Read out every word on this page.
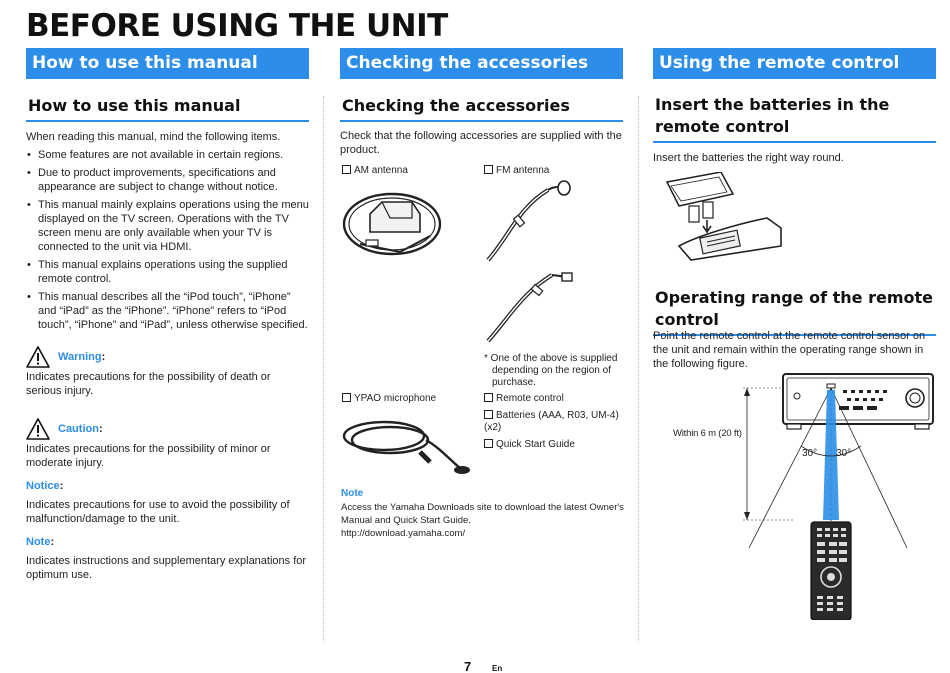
BEFORE USING THE UNIT
How to use this manual
How to use this manual
When reading this manual, mind the following items.
• Some features are not available in certain regions.
• Due to product improvements, specifications and appearance are subject to change without notice.
• This manual mainly explains operations using the menu displayed on the TV screen. Operations with the TV screen menu are only available when your TV is connected to the unit via HDMI.
• This manual explains operations using the supplied remote control.
• This manual describes all the “iPod touch”, “iPhone” and “iPad” as the “iPhone”. “iPhone” refers to “iPod touch”, “iPhone” and “iPad”, unless otherwise specified.
Warning :
Indicates precautions for the possibility of death or serious injury.
Caution :
Indicates precautions for the possibility of minor or moderate injury.
Notice:
Indicates precautions for use to avoid the possibility of malfunction/damage to the unit.
Note:
Indicates instructions and supplementary explanations for optimum use.
Checking the accessories
Checking the accessories
Check that the following accessories are supplied with the product.
AM antenna	FM antenna
* One of the above is supplied depending on the region of purchase.
YPAO microphone	Remote control
Batteries (AAA, R03, UM-4) (x2)
Quick Start Guide
Note
Access the Yamaha Downloads site to download the latest Owner's Manual and Quick Start Guide.
http://download.yamaha.com/
Using the remote control
Insert the batteries in the remote control
Insert the batteries the right way round.
Operating range of the remote control
Point the remote control at the remote control sensor on the unit and remain within the operating range shown in the following figure.
Within 6 m (20 ft)
30° 30°
7	En
